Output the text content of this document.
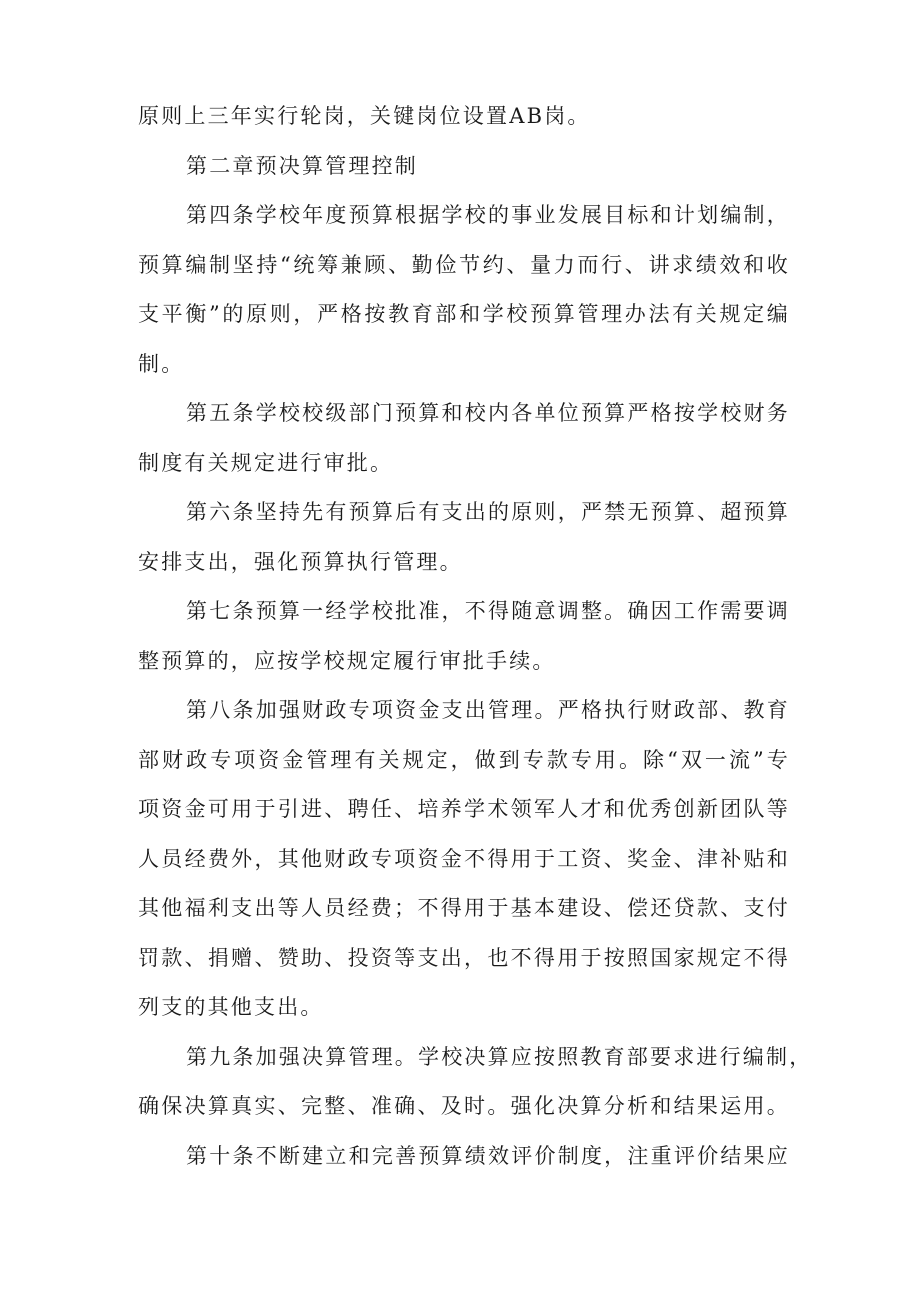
原则上三年实行轮岗，关键岗位设置AB岗。
第二章预决算管理控制
第四条学校年度预算根据学校的事业发展目标和计划编制，
预算编制坚持“统筹兼顾、勤俭节约、量力而行、讲求绩效和收
支平衡”的原则，严格按教育部和学校预算管理办法有关规定编
制。
第五条学校校级部门预算和校内各单位预算严格按学校财务
制度有关规定进行审批。
第六条坚持先有预算后有支出的原则，严禁无预算、超预算
安排支出，强化预算执行管理。
第七条预算一经学校批准，不得随意调整。确因工作需要调
整预算的，应按学校规定履行审批手续。
第八条加强财政专项资金支出管理。严格执行财政部、教育
部财政专项资金管理有关规定，做到专款专用。除“双一流”专
项资金可用于引进、聘任、培养学术领军人才和优秀创新团队等
人员经费外，其他财政专项资金不得用于工资、奖金、津补贴和
其他福利支出等人员经费；不得用于基本建设、偿还贷款、支付
罚款、捐赠、赞助、投资等支出，也不得用于按照国家规定不得
列支的其他支出。
第九条加强决算管理。学校决算应按照教育部要求进行编制，
确保决算真实、完整、准确、及时。强化决算分析和结果运用。
第十条不断建立和完善预算绩效评价制度，注重评价结果应
